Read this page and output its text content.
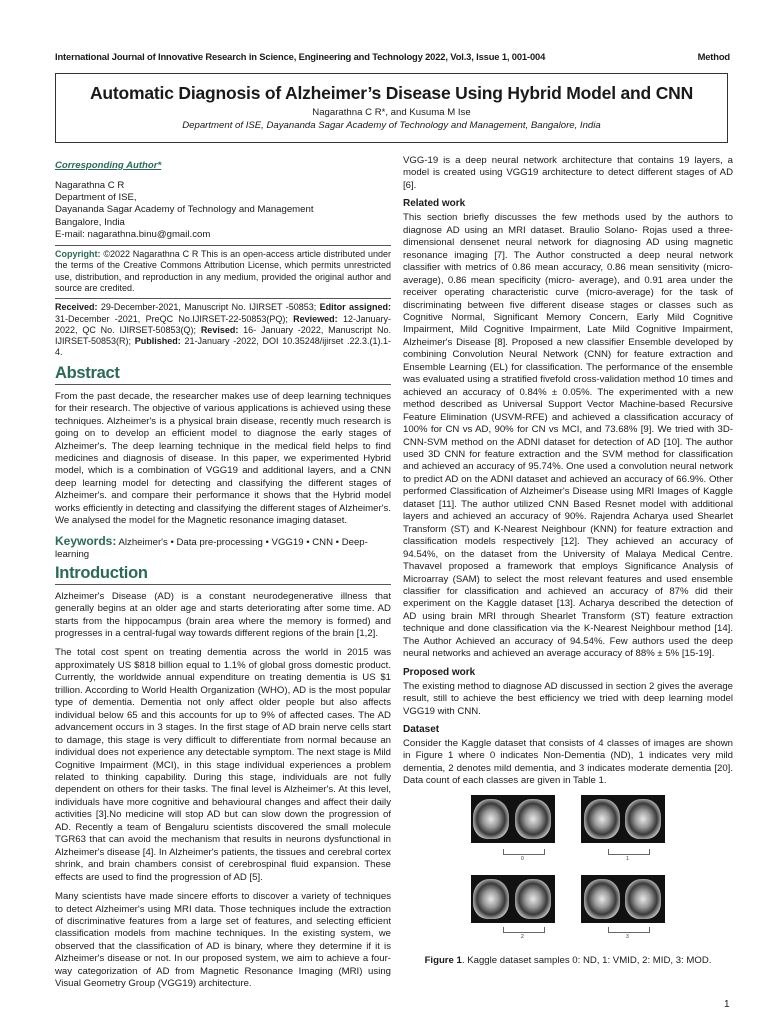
International Journal of Innovative Research in Science, Engineering and Technology 2022, Vol.3, Issue 1, 001-004	Method
Automatic Diagnosis of Alzheimer’s Disease Using Hybrid Model and CNN
Nagarathna C R*, and Kusuma M Ise
Department of ISE, Dayananda Sagar Academy of Technology and Management, Bangalore, India
Corresponding Author*
Nagarathna C R
Department of ISE,
Dayananda Sagar Academy of Technology and Management
Bangalore, India
E-mail: nagarathna.binu@gmail.com
Copyright: ©2022 Nagarathna C R This is an open-access article distributed under the terms of the Creative Commons Attribution License, which permits unrestricted use, distribution, and reproduction in any medium, provided the original author and source are credited.
Received: 29-December-2021, Manuscript No. IJIRSET -50853; Editor assigned: 31-December -2021, PreQC No.IJIRSET-22-50853(PQ); Reviewed: 12-January-2022, QC No. IJIRSET-50853(Q); Revised: 16- January -2022, Manuscript No. IJIRSET-50853(R); Published: 21-January -2022, DOI 10.35248/ijirset .22.3.(1).1-4.
Abstract

From the past decade, the researcher makes use of deep learning techniques for their research. The objective of various applications is achieved using these techniques. Alzheimer's is a physical brain disease, recently much research is going on to develop an efficient model to diagnose the early stages of Alzheimer's. The deep learning technique in the medical field helps to find medicines and diagnosis of disease. In this paper, we experimented Hybrid model, which is a combination of VGG19 and additional layers, and a CNN deep learning model for detecting and classifying the different stages of Alzheimer's. and compare their performance it shows that the Hybrid model works efficiently in detecting and classifying the different stages of Alzheimer's. We analysed the model for the Magnetic resonance imaging dataset.

Keywords: Alzheimer's • Data pre-processing • VGG19 • CNN • Deep-learning
Introduction

Alzheimer's Disease (AD) is a constant neurodegenerative illness that generally begins at an older age and starts deteriorating after some time. AD starts from the hippocampus (brain area where the memory is formed) and progresses in a central-fugal way towards different regions of the brain [1,2].

The total cost spent on treating dementia across the world in 2015 was approximately US $818 billion equal to 1.1% of global gross domestic product. Currently, the worldwide annual expenditure on treating dementia is US $1 trillion. According to World Health Organization (WHO), AD is the most popular type of dementia. Dementia not only affect older people but also affects individual below 65 and this accounts for up to 9% of affected cases. The AD advancement occurs in 3 stages. In the first stage of AD brain nerve cells start to damage, this stage is very difficult to differentiate from normal because an individual does not experience any detectable symptom. The next stage is Mild Cognitive Impairment (MCI), in this stage individual experiences a problem related to thinking capability. During this stage, individuals are not fully dependent on others for their tasks. The final level is Alzheimer's. At this level, individuals have more cognitive and behavioural changes and affect their daily activities [3].No medicine will stop AD but can slow down the progression of AD. Recently a team of Bengaluru scientists discovered the small molecule TGR63 that can avoid the mechanism that results in neurons dysfunctional in Alzheimer's disease [4]. In Alzheimer's patients, the tissues and cerebral cortex shrink, and brain chambers consist of cerebrospinal fluid expansion. These effects are used to find the progression of AD [5].

Many scientists have made sincere efforts to discover a variety of techniques to detect Alzheimer's using MRI data. Those techniques include the extraction of discriminative features from a large set of features, and selecting efficient classification models from machine techniques. In the existing system, we observed that the classification of AD is binary, where they determine if it is Alzheimer's disease or not. In our proposed system, we aim to achieve a four-way categorization of AD from Magnetic Resonance Imaging (MRI) using Visual Geometry Group (VGG19) architecture.

VGG-19 is a deep neural network architecture that contains 19 layers, a model is created using VGG19 architecture to detect different stages of AD [6].

Related work

This section briefly discusses the few methods used by the authors to diagnose AD using an MRI dataset. Braulio Solano- Rojas used a three-dimensional densenet neural network for diagnosing AD using magnetic resonance imaging [7]. The Author constructed a deep neural network classifier with metrics of 0.86 mean accuracy, 0.86 mean sensitivity (micro-average), 0.86 mean specificity (micro- average), and 0.91 area under the receiver operating characteristic curve (micro-average) for the task of discriminating between five different disease stages or classes such as Cognitive Normal, Significant Memory Concern, Early Mild Cognitive Impairment, Mild Cognitive Impairment, Late Mild Cognitive Impairment, Alzheimer's Disease [8]. Proposed a new classifier Ensemble developed by combining Convolution Neural Network (CNN) for feature extraction and Ensemble Learning (EL) for classification. The performance of the ensemble was evaluated using a stratified fivefold cross-validation method 10 times and achieved an accuracy of 0.84% ± 0.05%. The experimented with a new method described as Universal Support Vector Machine-based Recursive Feature Elimination (USVM-RFE) and achieved a classification accuracy of 100% for CN vs AD, 90% for CN vs MCI, and 73.68% [9]. We tried with 3D-CNN-SVM method on the ADNI dataset for detection of AD [10]. The author used 3D CNN for feature extraction and the SVM method for classification and achieved an accuracy of 95.74%. One used a convolution neural network to predict AD on the ADNI dataset and achieved an accuracy of 66.9%. Other performed Classification of Alzheimer's Disease using MRI Images of Kaggle dataset [11]. The author utilized CNN Based Resnet model with additional layers and achieved an accuracy of 90%. Rajendra Acharya used Shearlet Transform (ST) and K-Nearest Neighbour (KNN) for feature extraction and classification models respectively [12]. They achieved an accuracy of 94.54%, on the dataset from the University of Malaya Medical Centre. Thavavel proposed a framework that employs Significance Analysis of Microarray (SAM) to select the most relevant features and used ensemble classifier for classification and achieved an accuracy of 87% did their experiment on the Kaggle dataset [13]. Acharya described the detection of AD using brain MRI through Shearlet Transform (ST) feature extraction technique and done classification via the K-Nearest Neighbour method [14]. The Author Achieved an accuracy of 94.54%. Few authors used the deep neural networks and achieved an average accuracy of 88% ± 5% [15-19].

Proposed work

The existing method to diagnose AD discussed in section 2 gives the average result, still to achieve the best efficiency we tried with deep learning model VGG19 with CNN.

Dataset

Consider the Kaggle dataset that consists of 4 classes of images are shown in Figure 1 where 0 indicates Non-Dementia (ND), 1 indicates very mild dementia, 2 denotes mild dementia, and 3 indicates moderate dementia [20]. Data count of each classes are given in Table 1.

0	1
2	3
Figure 1. Kaggle dataset samples 0: ND, 1: VMID, 2: MID, 3: MOD.
1
